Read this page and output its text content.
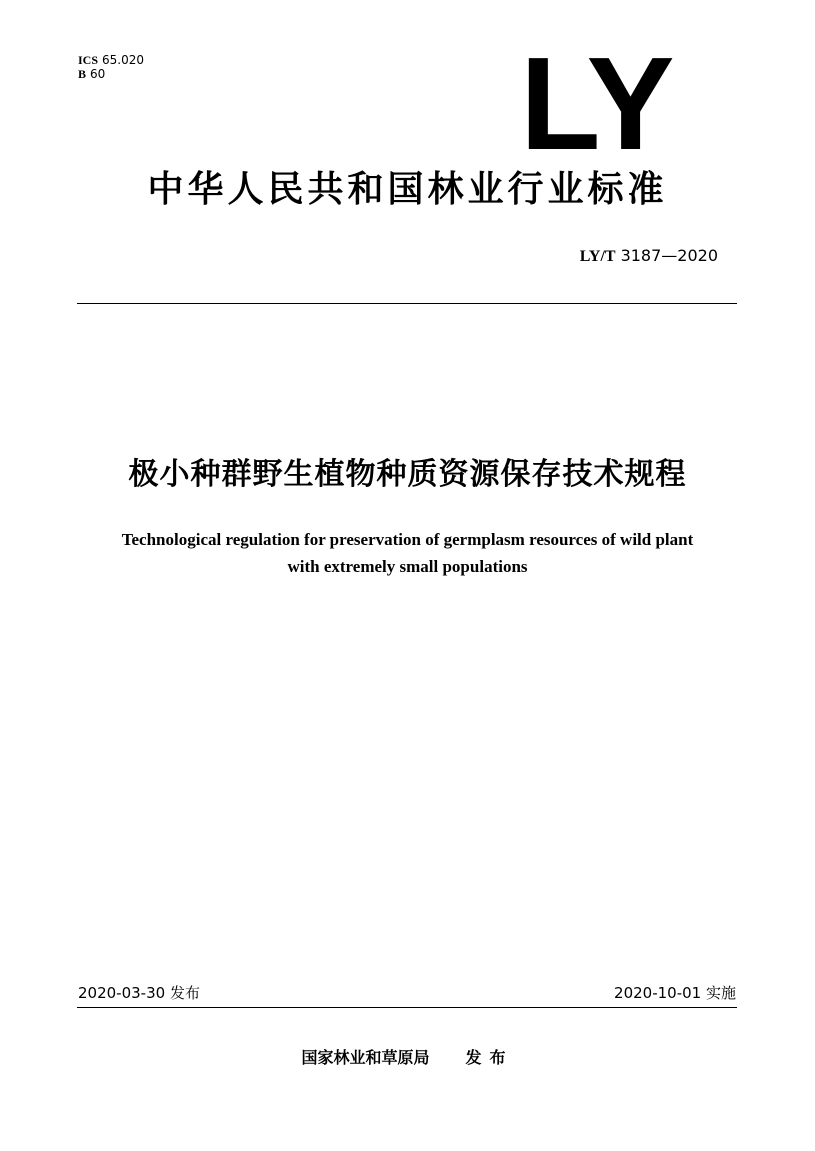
ICS 65.020
B 60	LY
中华人民共和国林业行业标准
LY/T 3187—2020
极小种群野生植物种质资源保存技术规程
Technological regulation for preservation of germplasm resources of wild plant
with extremely small populations
2020-03-30 发布	2020-10-01 实施
国家林业和草原局 发布
